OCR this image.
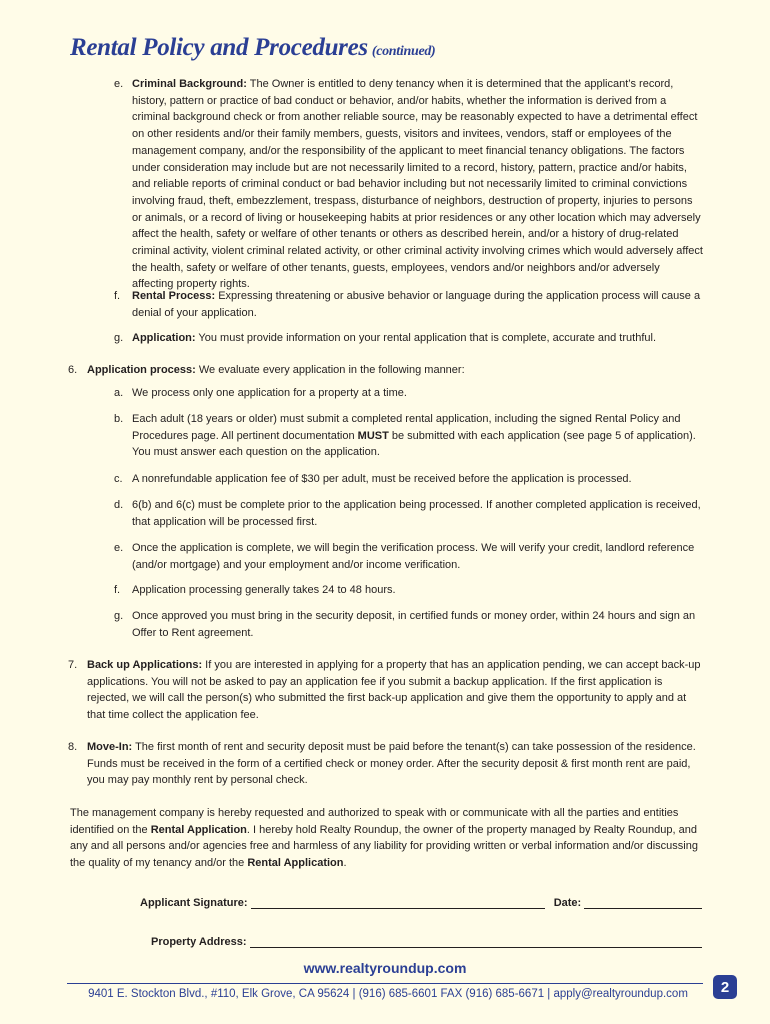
Rental Policy and Procedures (continued)
e. Criminal Background: The Owner is entitled to deny tenancy when it is determined that the applicant’s record, history, pattern or practice of bad conduct or behavior, and/or habits, whether the information is derived from a criminal background check or from another reliable source, may be reasonably expected to have a detrimental effect on other residents and/or their family members, guests, visitors and invitees, vendors, staff or employees of the management company, and/or the responsibility of the applicant to meet financial tenancy obligations. The factors under consideration may include but are not necessarily limited to a record, history, pattern, practice and/or habits, and reliable reports of criminal conduct or bad behavior including but not necessarily limited to criminal convictions involving fraud, theft, embezzlement, trespass, disturbance of neighbors, destruction of property, injuries to persons or animals, or a record of living or housekeeping habits at prior residences or any other location which may adversely affect the health, safety or welfare of other tenants or others as described herein, and/or a history of drug-related criminal activity, violent criminal related activity, or other criminal activity involving crimes which would adversely affect the health, safety or welfare of other tenants, guests, employees, vendors and/or neighbors and/or adversely affecting property rights.
f. Rental Process: Expressing threatening or abusive behavior or language during the application process will cause a denial of your application.
g. Application: You must provide information on your rental application that is complete, accurate and truthful.
6. Application process: We evaluate every application in the following manner:
a. We process only one application for a property at a time.
b. Each adult (18 years or older) must submit a completed rental application, including the signed Rental Policy and Procedures page. All pertinent documentation MUST be submitted with each application (see page 5 of application). You must answer each question on the application.
c. A nonrefundable application fee of $30 per adult, must be received before the application is processed.
d. 6(b) and 6(c) must be complete prior to the application being processed. If another completed application is received, that application will be processed first.
e. Once the application is complete, we will begin the verification process. We will verify your credit, landlord reference (and/or mortgage) and your employment and/or income verification.
f. Application processing generally takes 24 to 48 hours.
g. Once approved you must bring in the security deposit, in certified funds or money order, within 24 hours and sign an Offer to Rent agreement.
7. Back up Applications: If you are interested in applying for a property that has an application pending, we can accept back-up applications. You will not be asked to pay an application fee if you submit a backup application. If the first application is rejected, we will call the person(s) who submitted the first back-up application and give them the opportunity to apply and at that time collect the application fee.
8. Move-In: The first month of rent and security deposit must be paid before the tenant(s) can take possession of the residence. Funds must be received in the form of a certified check or money order. After the security deposit & first month rent are paid, you may pay monthly rent by personal check.
The management company is hereby requested and authorized to speak with or communicate with all the parties and entities identified on the Rental Application. I hereby hold Realty Roundup, the owner of the property managed by Realty Roundup, and any and all persons and/or agencies free and harmless of any liability for providing written or verbal information and/or discussing the quality of my tenancy and/or the Rental Application.
Applicant Signature:	Date:
Property Address:
www.realtyroundup.com
9401 E. Stockton Blvd., #110, Elk Grove, CA 95624 | (916) 685-6601 FAX (916) 685-6671 | apply@realtyroundup.com	2
